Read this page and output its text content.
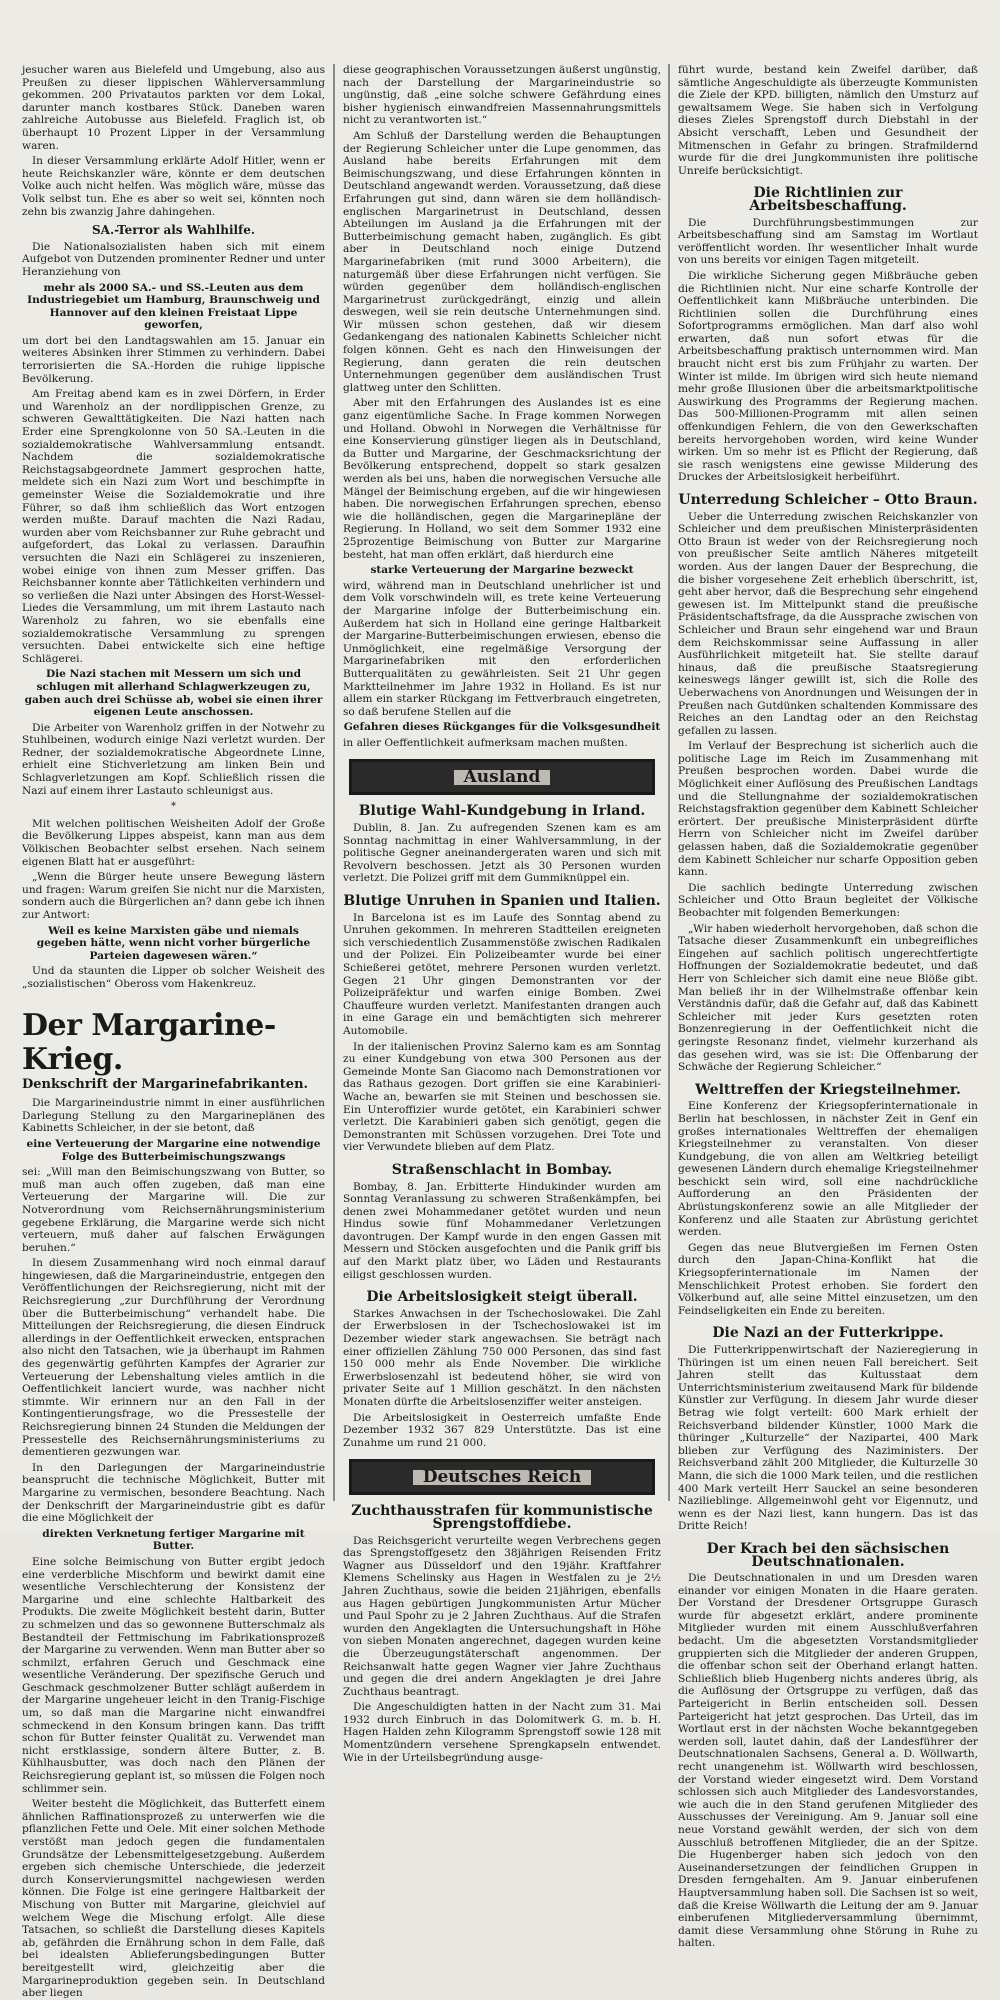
jesucher waren aus Bielefeld und Umgebung, also aus Preußen zu dieser lippischen Wählerversammlung gekommen. 200 Privatautos parkten vor dem Lokal, darunter manch kostbares Stück. Daneben waren zahlreiche Autobusse aus Bielefeld. Fraglich ist, ob überhaupt 10 Prozent Lipper in der Versammlung waren.

In dieser Versammlung erklärte Adolf Hitler, wenn er heute Reichskanzler wäre, könnte er dem deutschen Volke auch nicht helfen. Was möglich wäre, müsse das Volk selbst tun. Ehe es aber so weit sei, könnten noch zehn bis zwanzig Jahre dahingehen.

SA.-Terror als Wahlhilfe.

Die Nationalsozialisten haben sich mit einem Aufgebot von Dutzenden prominenter Redner und unter Heranziehung von

mehr als 2000 SA.- und SS.-Leuten aus dem Industriegebiet um Hamburg, Braunschweig und Hannover auf den kleinen Freistaat Lippe geworfen,

um dort bei den Landtagswahlen am 15. Januar ein weiteres Absinken ihrer Stimmen zu verhindern. Dabei terrorisierten die SA.-Horden die ruhige lippische Bevölkerung.

Am Freitag abend kam es in zwei Dörfern, in Erder und Warenholz an der nordlippischen Grenze, zu schweren Gewalttätigkeiten. Die Nazi hatten nach Erder eine Sprengkolonne von 50 SA.-Leuten in die sozialdemokratische Wahlversammlung entsandt. Nachdem die sozialdemokratische Reichstagsabgeordnete Jammert gesprochen hatte, meldete sich ein Nazi zum Wort und beschimpfte in gemeinster Weise die Sozialdemokratie und ihre Führer, so daß ihm schließlich das Wort entzogen werden mußte. Darauf machten die Nazi Radau, wurden aber vom Reichsbanner zur Ruhe gebracht und aufgefordert, das Lokal zu verlassen. Daraufhin versuchten die Nazi ein Schlägerei zu inszenieren, wobei einige von ihnen zum Messer griffen. Das Reichsbanner konnte aber Tätlichkeiten verhindern und so verließen die Nazi unter Absingen des Horst-Wessel-Liedes die Versammlung, um mit ihrem Lastauto nach Warenholz zu fahren, wo sie ebenfalls eine sozialdemokratische Versammlung zu sprengen versuchten. Dabei entwickelte sich eine heftige Schlägerei.

Die Nazi stachen mit Messern um sich und schlugen mit allerhand Schlagwerkzeugen zu, gaben auch drei Schüsse ab, wobei sie einen ihrer eigenen Leute anschossen.

Die Arbeiter von Warenholz griffen in der Notwehr zu Stuhlbeinen, wodurch einige Nazi verletzt wurden. Der Redner, der sozialdemokratische Abgeordnete Linne, erhielt eine Stichverletzung am linken Bein und Schlagverletzungen am Kopf. Schließlich rissen die Nazi auf einem ihrer Lastauto schleunigst aus.

*

Mit welchen politischen Weisheiten Adolf der Große die Bevölkerung Lippes abspeist, kann man aus dem Völkischen Beobachter selbst ersehen. Nach seinem eigenen Blatt hat er ausgeführt:

„Wenn die Bürger heute unsere Bewegung lästern und fragen: Warum greifen Sie nicht nur die Marxisten, sondern auch die Bürgerlichen an? dann gebe ich ihnen zur Antwort:

Weil es keine Marxisten gäbe und niemals gegeben hätte, wenn nicht vorher bürgerliche Parteien dagewesen wären.“

Und da staunten die Lipper ob solcher Weisheit des „sozialistischen“ Obeross vom Hakenkreuz.

Der Margarine-Krieg.
Denkschrift der Margarinefabrikanten.

Die Margarineindustrie nimmt in einer ausführlichen Darlegung Stellung zu den Margarineplänen des Kabinetts Schleicher, in der sie betont, daß

eine Verteuerung der Margarine eine notwendige Folge des Butterbeimischungszwangs

sei: „Will man den Beimischungszwang von Butter, so muß man auch offen zugeben, daß man eine Verteuerung der Margarine will. Die zur Notverordnung vom Reichsernährungsministerium gegebene Erklärung, die Margarine werde sich nicht verteuern, muß daher auf falschen Erwägungen beruhen.“

In diesem Zusammenhang wird noch einmal darauf hingewiesen, daß die Margarineindustrie, entgegen den Veröffentlichungen der Reichsregierung, nicht mit der Reichsregierung „zur Durchführung der Verordnung über die Butterbeimischung“ verhandelt habe. Die Mitteilungen der Reichsregierung, die diesen Eindruck allerdings in der Oeffentlichkeit erwecken, entsprachen also nicht den Tatsachen, wie ja überhaupt im Rahmen des gegenwärtig geführten Kampfes der Agrarier zur Verteuerung der Lebenshaltung vieles amtlich in die Oeffentlichkeit lanciert wurde, was nachher nicht stimmte. Wir erinnern nur an den Fall in der Kontingentierungsfrage, wo die Pressestelle der Reichsregierung binnen 24 Stunden die Meldungen der Pressestelle des Reichsernährungsministeriums zu dementieren gezwungen war.

In den Darlegungen der Margarineindustrie beansprucht die technische Möglichkeit, Butter mit Margarine zu vermischen, besondere Beachtung. Nach der Denkschrift der Margarineindustrie gibt es dafür die eine Möglichkeit der

direkten Verknetung fertiger Margarine mit Butter.

Eine solche Beimischung von Butter ergibt jedoch eine verderbliche Mischform und bewirkt damit eine wesentliche Verschlechterung der Konsistenz der Margarine und eine schlechte Haltbarkeit des Produkts. Die zweite Möglichkeit besteht darin, Butter zu schmelzen und das so gewonnene Butterschmalz als Bestandteil der Fettmischung im Fabrikationsprozeß der Margarine zu verwenden. Wenn man Butter aber so schmilzt, erfahren Geruch und Geschmack eine wesentliche Veränderung. Der spezifische Geruch und Geschmack geschmolzener Butter schlägt außerdem in der Margarine ungeheuer leicht in den Tranig-Fischige um, so daß man die Margarine nicht einwandfrei schmeckend in den Konsum bringen kann. Das trifft schon für Butter feinster Qualität zu. Verwendet man nicht erstklassige, sondern ältere Butter, z. B. Kühlhausbutter, was doch nach den Plänen der Reichsregierung geplant ist, so müssen die Folgen noch schlimmer sein.

Weiter besteht die Möglichkeit, das Butterfett einem ähnlichen Raffinationsprozeß zu unterwerfen wie die pflanzlichen Fette und Oele. Mit einer solchen Methode verstößt man jedoch gegen die fundamentalen Grundsätze der Lebensmittelgesetzgebung. Außerdem ergeben sich chemische Unterschiede, die jederzeit durch Konservierungsmittel nachgewiesen werden können. Die Folge ist eine geringere Haltbarkeit der Mischung von Butter mit Margarine, gleichviel auf welchem Wege die Mischung erfolgt. Alle diese Tatsachen, so schließt die Darstellung dieses Kapitels ab, gefährden die Ernährung schon in dem Falle, daß bei idealsten Ablieferungsbedingungen Butter bereitgestellt wird, gleichzeitig aber die Margarineproduktion gegeben sein. In Deutschland aber liegen

diese geographischen Voraussetzungen äußerst ungünstig, nach der Darstellung der Margarineindustrie so ungünstig, daß „eine solche schwere Gefährdung eines bisher hygienisch einwandfreien Massennahrungsmittels nicht zu verantworten ist.“

Am Schluß der Darstellung werden die Behauptungen der Regierung Schleicher unter die Lupe genommen, das Ausland habe bereits Erfahrungen mit dem Beimischungszwang, und diese Erfahrungen könnten in Deutschland angewandt werden. Voraussetzung, daß diese Erfahrungen gut sind, dann wären sie dem holländisch-englischen Margarinetrust in Deutschland, dessen Abteilungen im Ausland ja die Erfahrungen mit der Butterbeimischung gemacht haben, zugänglich. Es gibt aber in Deutschland noch einige Dutzend Margarinefabriken (mit rund 3000 Arbeitern), die naturgemäß über diese Erfahrungen nicht verfügen. Sie würden gegenüber dem holländisch-englischen Margarinetrust zurückgedrängt, einzig und allein deswegen, weil sie rein deutsche Unternehmungen sind. Wir müssen schon gestehen, daß wir diesem Gedankengang des nationalen Kabinetts Schleicher nicht folgen können. Geht es nach den Hinweisungen der Regierung, dann geraten die rein deutschen Unternehmungen gegenüber dem ausländischen Trust glattweg unter den Schlitten.

Aber mit den Erfahrungen des Auslandes ist es eine ganz eigentümliche Sache. In Frage kommen Norwegen und Holland. Obwohl in Norwegen die Verhältnisse für eine Konservierung günstiger liegen als in Deutschland, da Butter und Margarine, der Geschmacksrichtung der Bevölkerung entsprechend, doppelt so stark gesalzen werden als bei uns, haben die norwegischen Versuche alle Mängel der Beimischung ergeben, auf die wir hingewiesen haben. Die norwegischen Erfahrungen sprechen, ebenso wie die holländischen, gegen die Margarinepläne der Regierung. In Holland, wo seit dem Sommer 1932 eine 25prozentige Beimischung von Butter zur Margarine besteht, hat man offen erklärt, daß hierdurch eine

starke Verteuerung der Margarine bezweckt

wird, während man in Deutschland unehrlicher ist und dem Volk vorschwindeln will, es trete keine Verteuerung der Margarine infolge der Butterbeimischung ein. Außerdem hat sich in Holland eine geringe Haltbarkeit der Margarine-Butterbeimischungen erwiesen, ebenso die Unmöglichkeit, eine regelmäßige Versorgung der Margarinefabriken mit den erforderlichen Butterqualitäten zu gewährleisten. Seit 21 Uhr gegen Marktteilnehmer im Jahre 1932 in Holland. Es ist nur allem ein starker Rückgang im Fettverbrauch eingetreten, so daß berufene Stellen auf die

Gefahren dieses Rückganges für die Volksgesundheit

in aller Oeffentlichkeit aufmerksam machen mußten.

Ausland
Blutige Wahl-Kundgebung in Irland.

Dublin, 8. Jan. Zu aufregenden Szenen kam es am Sonntag nachmittag in einer Wahlversammlung, in der politische Gegner aneinandergeraten waren und sich mit Revolvern beschossen. Jetzt als 30 Personen wurden verletzt. Die Polizei griff mit dem Gummiknüppel ein.

Blutige Unruhen in Spanien und Italien.

In Barcelona ist es im Laufe des Sonntag abend zu Unruhen gekommen. In mehreren Stadtteilen ereigneten sich verschiedentlich Zusammenstöße zwischen Radikalen und der Polizei. Ein Polizeibeamter wurde bei einer Schießerei getötet, mehrere Personen wurden verletzt. Gegen 21 Uhr gingen Demonstranten vor der Polizeipräfektur und warfen einige Bomben. Zwei Chauffeure wurden verletzt. Manifestanten drangen auch in eine Garage ein und bemächtigten sich mehrerer Automobile.

In der italienischen Provinz Salerno kam es am Sonntag zu einer Kundgebung von etwa 300 Personen aus der Gemeinde Monte San Giacomo nach Demonstrationen vor das Rathaus gezogen. Dort griffen sie eine Karabinieri-Wache an, bewarfen sie mit Steinen und beschossen sie. Ein Unteroffizier wurde getötet, ein Karabinieri schwer verletzt. Die Karabinieri gaben sich genötigt, gegen die Demonstranten mit Schüssen vorzugehen. Drei Tote und vier Verwundete blieben auf dem Platz.

Straßenschlacht in Bombay.

Bombay, 8. Jan. Erbitterte Hindukinder wurden am Sonntag Veranlassung zu schweren Straßenkämpfen, bei denen zwei Mohammedaner getötet wurden und neun Hindus sowie fünf Mohammedaner Verletzungen davontrugen. Der Kampf wurde in den engen Gassen mit Messern und Stöcken ausgefochten und die Panik griff bis auf den Markt platz über, wo Läden und Restaurants eiligst geschlossen wurden.

Die Arbeitslosigkeit steigt überall.

Starkes Anwachsen in der Tschechoslowakei. Die Zahl der Erwerbslosen in der Tschechoslowakei ist im Dezember wieder stark angewachsen. Sie beträgt nach einer offiziellen Zählung 750 000 Personen, das sind fast 150 000 mehr als Ende November. Die wirkliche Erwerbslosenzahl ist bedeutend höher, sie wird von privater Seite auf 1 Million geschätzt. In den nächsten Monaten dürfte die Arbeitslosenziffer weiter ansteigen.

Die Arbeitslosigkeit in Oesterreich umfaßte Ende Dezember 1932 367 829 Unterstützte. Das ist eine Zunahme um rund 21 000.

Deutsches Reich
Zuchthausstrafen für kommunistische Sprengstoffdiebe.

Das Reichsgericht verurteilte wegen Verbrechens gegen das Sprengstoffgesetz den 38jährigen Reisenden Fritz Wagner aus Düsseldorf und den 19jähr. Kraftfahrer Klemens Schelinsky aus Hagen in Westfalen zu je 2½ Jahren Zuchthaus, sowie die beiden 21jährigen, ebenfalls aus Hagen gebürtigen Jungkommunisten Artur Mücher und Paul Spohr zu je 2 Jahren Zuchthaus. Auf die Strafen wurden den Angeklagten die Untersuchungshaft in Höhe von sieben Monaten angerechnet, dagegen wurden keine die Überzeugungstäterschaft angenommen. Der Reichsanwalt hatte gegen Wagner vier Jahre Zuchthaus und gegen die drei andern Angeklagten je drei Jahre Zuchthaus beantragt.

Die Angeschuldigten hatten in der Nacht zum 31. Mai 1932 durch Einbruch in das Dolomitwerk G. m. b. H. Hagen Halden zehn Kilogramm Sprengstoff sowie 128 mit Momentzündern versehene Sprengkapseln entwendet. Wie in der Urteilsbegründung ausge-

führt wurde, bestand kein Zweifel darüber, daß sämtliche Angeschuldigte als überzeugte Kommunisten die Ziele der KPD. billigten, nämlich den Umsturz auf gewaltsamem Wege. Sie haben sich in Verfolgung dieses Zieles Sprengstoff durch Diebstahl in der Absicht verschafft, Leben und Gesundheit der Mitmenschen in Gefahr zu bringen. Strafmildernd wurde für die drei Jungkommunisten ihre politische Unreife berücksichtigt.

Die Richtlinien zur Arbeitsbeschaffung.

Die Durchführungsbestimmungen zur Arbeitsbeschaffung sind am Samstag im Wortlaut veröffentlicht worden. Ihr wesentlicher Inhalt wurde von uns bereits vor einigen Tagen mitgeteilt.

Die wirkliche Sicherung gegen Mißbräuche geben die Richtlinien nicht. Nur eine scharfe Kontrolle der Oeffentlichkeit kann Mißbräuche unterbinden. Die Richtlinien sollen die Durchführung eines Sofortprogramms ermöglichen. Man darf also wohl erwarten, daß nun sofort etwas für die Arbeitsbeschaffung praktisch unternommen wird. Man braucht nicht erst bis zum Frühjahr zu warten. Der Winter ist milde. Im übrigen wird sich heute niemand mehr große Illusionen über die arbeitsmarktpolitische Auswirkung des Programms der Regierung machen. Das 500-Millionen-Programm mit allen seinen offenkundigen Fehlern, die von den Gewerkschaften bereits hervorgehoben worden, wird keine Wunder wirken. Um so mehr ist es Pflicht der Regierung, daß sie rasch wenigstens eine gewisse Milderung des Druckes der Arbeitslosigkeit herbeiführt.

Unterredung Schleicher – Otto Braun.

Ueber die Unterredung zwischen Reichskanzler von Schleicher und dem preußischen Ministerpräsidenten Otto Braun ist weder von der Reichsregierung noch von preußischer Seite amtlich Näheres mitgeteilt worden. Aus der langen Dauer der Besprechung, die die bisher vorgesehene Zeit erheblich überschritt, ist, geht aber hervor, daß die Besprechung sehr eingehend gewesen ist. Im Mittelpunkt stand die preußische Präsidentschaftsfrage, da die Aussprache zwischen von Schleicher und Braun sehr eingehend war und Braun dem Reichskommissar seine Auffassung in aller Ausführlichkeit mitgeteilt hat. Sie stellte darauf hinaus, daß die preußische Staatsregierung keineswegs länger gewillt ist, sich die Rolle des Ueberwachens von Anordnungen und Weisungen der in Preußen nach Gutdünken schaltenden Kommissare des Reiches an den Landtag oder an den Reichstag gefallen zu lassen.

Im Verlauf der Besprechung ist sicherlich auch die politische Lage im Reich im Zusammenhang mit Preußen besprochen worden. Dabei wurde die Möglichkeit einer Auflösung des Preußischen Landtags und die Stellungnahme der sozialdemokratischen Reichstagsfraktion gegenüber dem Kabinett Schleicher erörtert. Der preußische Ministerpräsident dürfte Herrn von Schleicher nicht im Zweifel darüber gelassen haben, daß die Sozialdemokratie gegenüber dem Kabinett Schleicher nur scharfe Opposition geben kann.

Die sachlich bedingte Unterredung zwischen Schleicher und Otto Braun begleitet der Völkische Beobachter mit folgenden Bemerkungen:

„Wir haben wiederholt hervorgehoben, daß schon die Tatsache dieser Zusammenkunft ein unbegreifliches Eingehen auf sachlich politisch ungerechtfertigte Hoffnungen der Sozialdemokratie bedeutet, und daß Herr von Schleicher sich damit eine neue Blöße gibt. Man beließ ihr in der Wilhelmstraße offenbar kein Verständnis dafür, daß die Gefahr auf, daß das Kabinett Schleicher mit jeder Kurs gesetzten roten Bonzenregierung in der Oeffentlichkeit nicht die geringste Resonanz findet, vielmehr kurzerhand als das gesehen wird, was sie ist: Die Offenbarung der Schwäche der Regierung Schleicher.“

Welttreffen der Kriegsteilnehmer.

Eine Konferenz der Kriegsopferinternationale in Berlin hat beschlossen, in nächster Zeit in Genf ein großes internationales Welttreffen der ehemaligen Kriegsteilnehmer zu veranstalten. Von dieser Kundgebung, die von allen am Weltkrieg beteiligt gewesenen Ländern durch ehemalige Kriegsteilnehmer beschickt sein wird, soll eine nachdrückliche Aufforderung an den Präsidenten der Abrüstungskonferenz sowie an alle Mitglieder der Konferenz und alle Staaten zur Abrüstung gerichtet werden.

Gegen das neue Blutvergießen im Fernen Osten durch den Japan-China-Konflikt hat die Kriegsopferinternationale im Namen der Menschlichkeit Protest erhoben. Sie fordert den Völkerbund auf, alle seine Mittel einzusetzen, um den Feindseligkeiten ein Ende zu bereiten.

Die Nazi an der Futterkrippe.

Die Futterkrippenwirtschaft der Nazieregierung in Thüringen ist um einen neuen Fall bereichert. Seit Jahren stellt das Kultusstaat dem Unterrichtsministerium zweitausend Mark für bildende Künstler zur Verfügung. In diesem Jahr wurde dieser Betrag wie folgt verteilt: 600 Mark erhielt der Reichsverband bildender Künstler, 1000 Mark die thüringer „Kulturzelle“ der Nazipartei, 400 Mark blieben zur Verfügung des Naziministers. Der Reichsverband zählt 200 Mitglieder, die Kulturzelle 30 Mann, die sich die 1000 Mark teilen, und die restlichen 400 Mark verteilt Herr Sauckel an seine besonderen Nazilieblinge. Allgemeinwohl geht vor Eigennutz, und wenn es der Nazi liest, kann hungern. Das ist das Dritte Reich!

Der Krach bei den sächsischen Deutschnationalen.

Die Deutschnationalen in und um Dresden waren einander vor einigen Monaten in die Haare geraten. Der Vorstand der Dresdener Ortsgruppe Gurasch wurde für abgesetzt erklärt, andere prominente Mitglieder wurden mit einem Ausschlußverfahren bedacht. Um die abgesetzten Vorstandsmitglieder gruppierten sich die Mitglieder der anderen Gruppen, die offenbar schon seit der Oberhand erlangt hatten. Schließlich blieb Hugenberg nichts anderes übrig, als die Auflösung der Ortsgruppe zu verfügen, daß das Parteigericht in Berlin entscheiden soll. Dessen Parteigericht hat jetzt gesprochen. Das Urteil, das im Wortlaut erst in der nächsten Woche bekanntgegeben werden soll, lautet dahin, daß der Landesführer der Deutschnationalen Sachsens, General a. D. Wöllwarth, recht unangenehm ist. Wöllwarth wird beschlossen, der Vorstand wieder eingesetzt wird. Dem Vorstand schlossen sich auch Mitglieder des Landesvorstandes, wie auch die in den Stand gerufenen Mitglieder des Ausschusses der Vereinigung. Am 9. Januar soll eine neue Vorstand gewählt werden, der sich von dem Ausschluß betroffenen Mitglieder, die an der Spitze. Die Hugenberger haben sich jedoch von den Auseinandersetzungen der feindlichen Gruppen in Dresden ferngehalten. Am 9. Januar einberufenen Hauptversammlung haben soll. Die Sachsen ist so weit, daß die Kreise Wöllwarth die Leitung der am 9. Januar einberufenen Mitgliederversammlung übernimmt, damit diese Versammlung ohne Störung in Ruhe zu halten.
